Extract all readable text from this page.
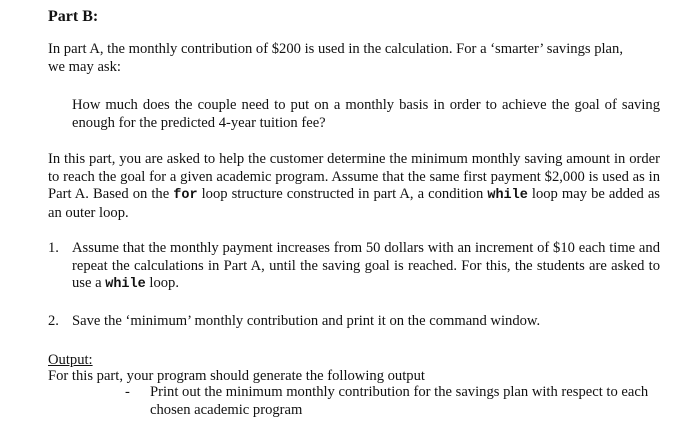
Part B:

In part A, the monthly contribution of $200 is used in the calculation. For a ‘smarter’ savings plan, we may ask:

How much does the couple need to put on a monthly basis in order to achieve the goal of saving enough for the predicted 4-year tuition fee?

In this part, you are asked to help the customer determine the minimum monthly saving amount in order to reach the goal for a given academic program. Assume that the same first payment $2,000 is used as in Part A. Based on the for loop structure constructed in part A, a condition while loop may be added as an outer loop.

1. Assume that the monthly payment increases from 50 dollars with an increment of $10 each time and repeat the calculations in Part A, until the saving goal is reached. For this, the students are asked to use a while loop.
2. Save the ‘minimum’ monthly contribution and print it on the command window.
Output:
For this part, your program should generate the following output
- Print out the minimum monthly contribution for the savings plan with respect to each chosen academic program
